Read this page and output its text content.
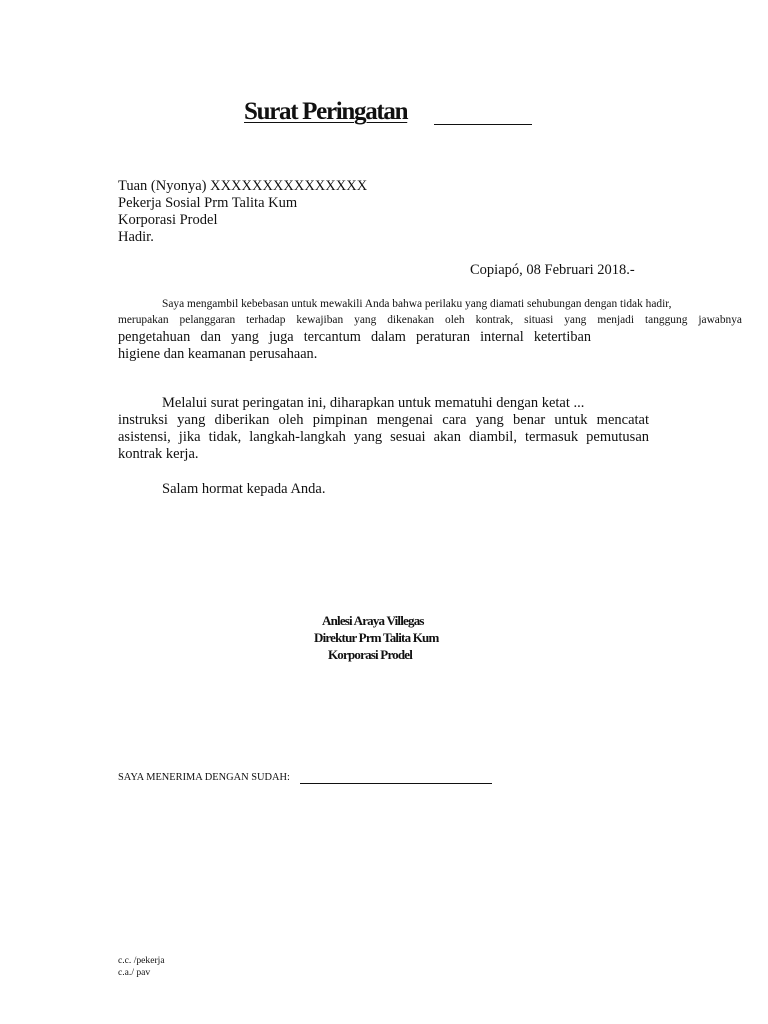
Surat Peringatan
Tuan (Nyonya) XXXXXXXXXXXXXXX
Pekerja Sosial Prm Talita Kum
Korporasi Prodel
Hadir.
Copiapó, 08 Februari 2018.-
Saya mengambil kebebasan untuk mewakili Anda bahwa perilaku yang diamati sehubungan dengan tidak hadir,
merupakan pelanggaran terhadap kewajiban yang dikenakan oleh kontrak, situasi yang menjadi tanggung jawabnya
pengetahuan dan yang juga tercantum dalam peraturan internal ketertiban
higiene dan keamanan perusahaan.
Melalui surat peringatan ini, diharapkan untuk mematuhi dengan ketat ...
instruksi yang diberikan oleh pimpinan mengenai cara yang benar untuk mencatat
asistensi, jika tidak, langkah-langkah yang sesuai akan diambil, termasuk pemutusan
kontrak kerja.
Salam hormat kepada Anda.
Anlesi Araya Villegas
Direktur Prm Talita Kum
Korporasi Prodel
SAYA MENERIMA DENGAN SUDAH:
c.c. /pekerja
c.a./ pav
